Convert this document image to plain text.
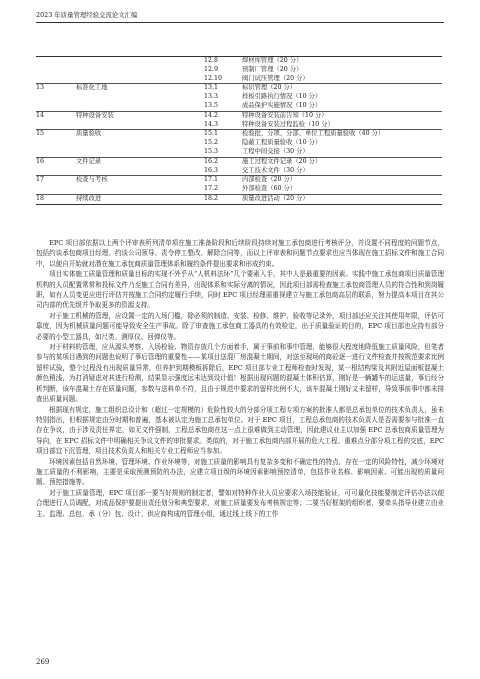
2023 年质量管理经验交流论文汇编
		12.8	焊材库管理（20 分）
		12.9	预制厂管理（20 分）
		12.10	阀门试压管理（20 分）
13	标准化工地	13.1	标识管理（20 分）
		13.3	样板引路执行情况（10 分）
		13.5	成品保护实施情况（10 分）
14	特种设备安装	14.2	特种设备安装前告知（10 分）
		14.3	特种设备安装过程监检（10 分）
15	质量验收	15.1	检验批、分项、分部、单位工程质量验收（40 分）
		15.2	隐蔽工程质量验收（10 分）
		15.3	工程中间交接（30 分）
16	文件记录	16.2	施工过程文件记录（20 分）
		16.3	交工技术文件（30 分）
17	检查与考核	17.1	内部检查（20 分）
		17.2	外部检查（60 分）
18	持续改进	18.2	质量改进活动（20 分）

EPC 项目部依据以上两个评审表所列清单项在施工准备阶段和后续阶段持续对施工承包商进行考核评分，并设置不同程度的问题节点，包括约谈承包商项目经理、约谈公司领导、责令停工整改、解除合同等，而以上评审表和问题节点要求也应当体现在施工招标文件和施工合同中，以便自开始就对潜在施工承包商质量管理体系和履约条件提出要求和形成约束。

项目实体施工质量管理和质量目标的实现不外乎从“人机料法环”几个要素入手，其中人是最重要的因素。实践中施工承包商项目质量管理机构的人员配置常常和投标文件乃至施工合同有差异，出现体系和实际分离的情况，因此项目部需检查施工承包商管理人员的符合性和到岗履职，如有人员变更应进行评估并按施工合同约定履行手续，同时 EPC 项目经理需重视建立与施工承包商高层的联系，努力提高本项目在其公司内部的优先级并争取更多的资源支持。

对于施工机械的管理，应设置一定的入场门槛，除必须的制造、安装、检修、维护、验收等记录外，项目部还应关注其使用年限，评估可靠度，因为机械质量问题可能导致安全生产事故。除了审查施工承包商工器具的有效检定，出于质量验证的目的，EPC 项目部也应持有部分必要的小型工器具，如尺类、测厚仪、回弹仪等。

对于材料的管理，应从源头考察、入场检验、物资存放几个方面着手，属于事前和事中管理，能够很大程度地降低施工质量风险，但笔者参与的某项目遇到的问题也说明了事后管理的重要性——某项目送混厂房混凝土期间，对送至现场的商砼逐一进行文件检查并按规范要求比例留样试验，整个过程没有出现质量异常，但养护到期模板拆除后，EPC 项目部专业工程师检查时发现，某一根结构梁及其附近屋面板混凝土颜色稍浅，为打消疑虑对其进行检测，结果显示强度远未达到设计值！根据出现问题的混凝土体积估算，刚好是一辆罐车的运送量，事后经分析判断，该车混凝土存在质量问题，参数与送料单不符，且由于规范中要求的留样比例不大，该车混凝土刚好又未留样，导致事前事中都未排查出质量问题。

根据现有规定，施工组织总设计和（超过一定规模的）危险性较大的分部分项工程专项方案的批准人都是总承包单位的技术负责人，虽未特别指出，但根据规定由分时期和普遍，基本被认定为施工总承包单位。对于 EPC 项目，工程总承包商的技术负责人是否需要参与批准一直存在争议，由于涉及责任界定，如无文件强制，工程总承包商在这一点上很难做到主动管理，因此建议业主以加强 EPC 总承包商质量管理为导向，在 EPC 招标文件中明确相关争议文件的审批要求。类似的，对于施工承包商内部开展的危大工程、重难点分部分项工程的交底，EPC 项目部宜下沉管理，项目技术负责人和相关专业工程师应当参加。

环境因素包括自然环境、管理环境、作业环境等，对施工质量的影响具有复杂多变和不确定性的特点，存在一定的风险特性，减少环境对施工质量的不利影响，主要是采取预测预防的办法，应建立项目级的环境因素影响预控清单，包括作业名称、影响因素、可能出现的质量问题、预控措施等。

对于施工质量管理，EPC 项目部一要当好规则的制定者，譬如对特种作业人员应要求入场技能验证，可可量化技能要制定评估办法以便合理进行人员调配，对成品保护要提出责任划分和典型要求，对施工质量要发布考核规定等；二要当好框架的组织者，要牵头指导业建立由业主、监理、总包、承（分）包、设计、供应商构成的管理小组，通过线上线下的工作

269
